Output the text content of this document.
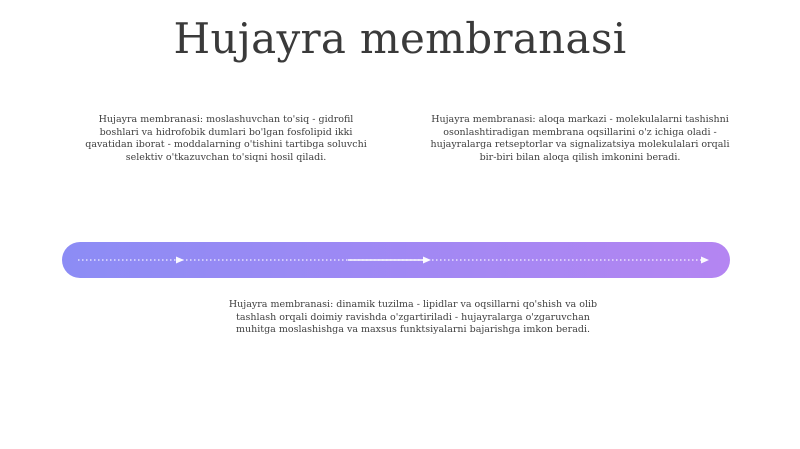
Hujayra membranasi

Hujayra membranasi: moslashuvchan to'siq - gidrofil boshlari va hidrofobik dumlari bo'lgan fosfolipid ikki qavatidan iborat - moddalarning o'tishini tartibga soluvchi selektiv o'tkazuvchan to'siqni hosil qiladi.

Hujayra membranasi: aloqa markazi - molekulalarni tashishni osonlashtiradigan membrana oqsillarini o'z ichiga oladi - hujayralarga retseptorlar va signalizatsiya molekulalari orqali bir-biri bilan aloqa qilish imkonini beradi.

Hujayra membranasi: dinamik tuzilma - lipidlar va oqsillarni qo'shish va olib tashlash orqali doimiy ravishda o'zgartiriladi - hujayralarga o'zgaruvchan muhitga moslashishga va maxsus funktsiyalarni bajarishga imkon beradi.
